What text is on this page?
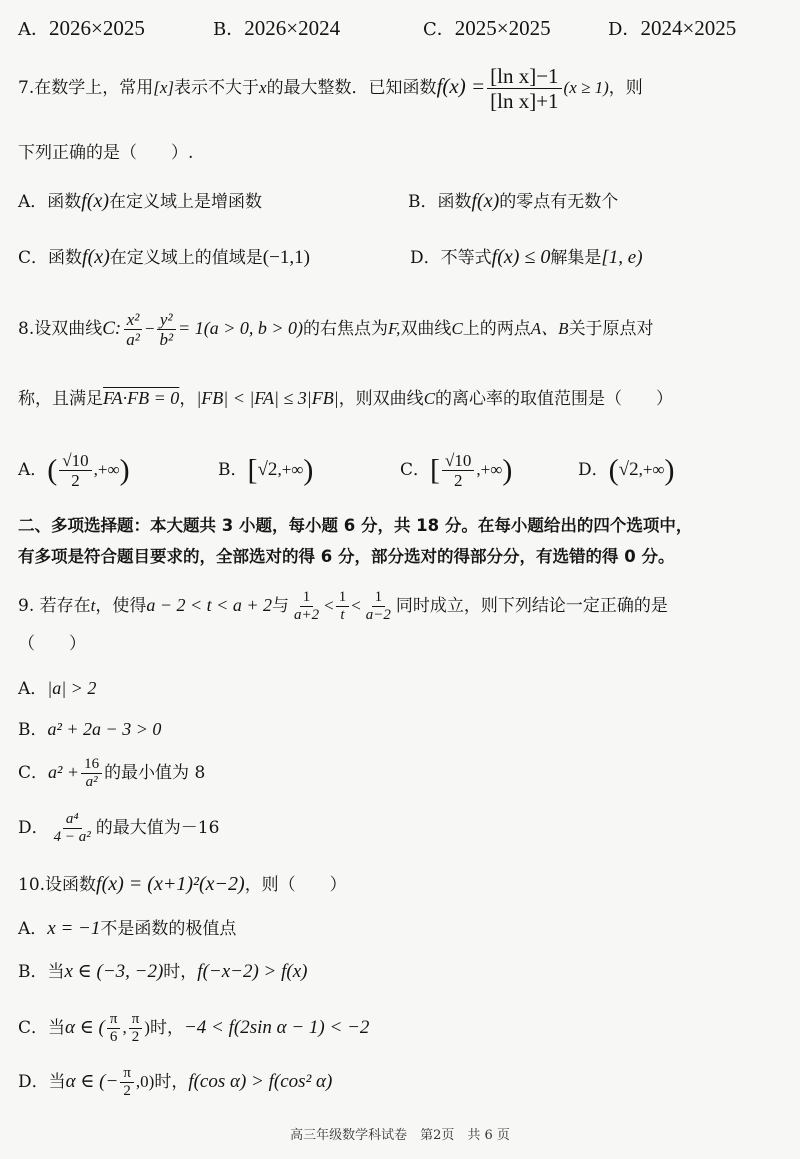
A．2026×2025	B．2026×2024	C．2025×2025	D．2024×2025
7.在数学上，常用[x]表示不大于x的最大整数．已知函数$f(x) = \frac{\text{[ln x]−1}}{\text{[ln x]+1}} (x \ge 1)$，则
下列正确的是（　　）.
A．函数f(x)在定义域上是增函数	B．函数f(x)的零点有无数个
C．函数f(x)在定义域上的值域是(−1,1)	D．不等式f(x) ≤ 0解集是[1, e)
8.设双曲线C: $\frac{\text{x²}}{\text{a²}} - \frac{\text{y²}}{\text{b²}} = 1(a > 0$, b > 0)的右焦点为F,双曲线C上的两点A、B关于原点对
称，且满足FA·FB = 0，|FB| < |FA| ≤ 3|FB|，则双曲线C的离心率的取值范围是（　　）
A．( $\frac{√10}{2}$ ,+∞)	B．[√2,+∞)	C．[ $\frac{√10}{2}$ ,+∞)	D．(√2,+∞)
二、多项选择题：本大题共 3 小题，每小题 6 分，共 18 分。在每小题给出的四个选项中，
有多项是符合题目要求的，全部选对的得 6 分，部分选对的得部分分，有选错的得 0 分。
9. 若存在t，使得a − 2 < t < a + 2与 $\frac{1}{a+2} < \frac{1}{t} < \frac{1}{a-2}$ 同时成立，则下列结论一定正确的是
（　　）
A．|a| > 2
B．a² + 2a − 3 > 0
C．$a^2 + \frac{16}{\text{a²}}$ 的最小值为 8
D． $\frac{\text{a⁴}}{\text{4 − a²}}$ 的最大值为－16
10.设函数f(x) = (x+1)²(x−2)，则（　　）
A．x = −1不是函数的极值点
B．当x ∈ (−3, −2)时，f(−x−2) > f(x)
C．当α ∈ ( $\frac{\pi}{6}$ , $\frac{\pi}{2}$ )时，−4 < f(2sin α − 1) < −2
D．当α ∈ (− $\frac{\pi}{2} ,0$)时，f(cos α) > f(cos² α)
高三年级数学科试卷　第2页　共 6 页
